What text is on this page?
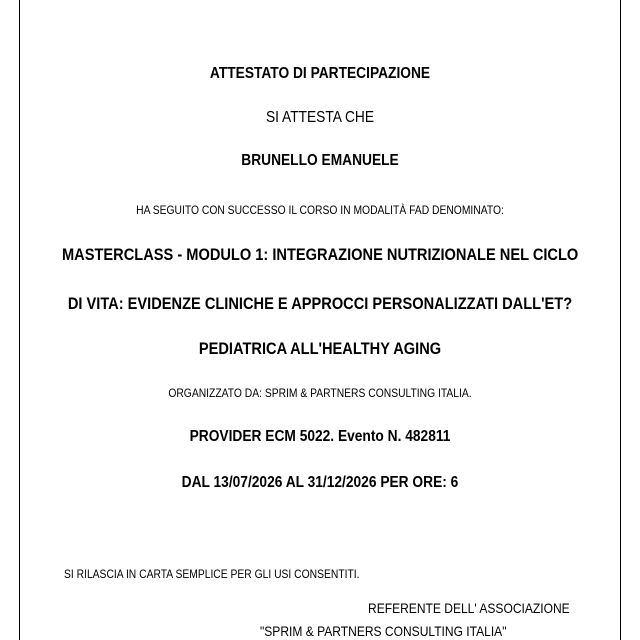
ATTESTATO DI PARTECIPAZIONE
SI ATTESTA CHE
BRUNELLO EMANUELE
HA SEGUITO CON SUCCESSO IL CORSO IN MODALITÀ FAD DENOMINATO:
MASTERCLASS - MODULO 1: INTEGRAZIONE NUTRIZIONALE NEL CICLO
DI VITA: EVIDENZE CLINICHE E APPROCCI PERSONALIZZATI DALL'ET?
PEDIATRICA ALL'HEALTHY AGING
ORGANIZZATO DA: SPRIM & PARTNERS CONSULTING ITALIA.
PROVIDER ECM 5022. Evento N. 482811
DAL 13/07/2026 AL 31/12/2026 PER ORE: 6
SI RILASCIA IN CARTA SEMPLICE PER GLI USI CONSENTITI.
REFERENTE DELL' ASSOCIAZIONE
"SPRIM & PARTNERS CONSULTING ITALIA"
